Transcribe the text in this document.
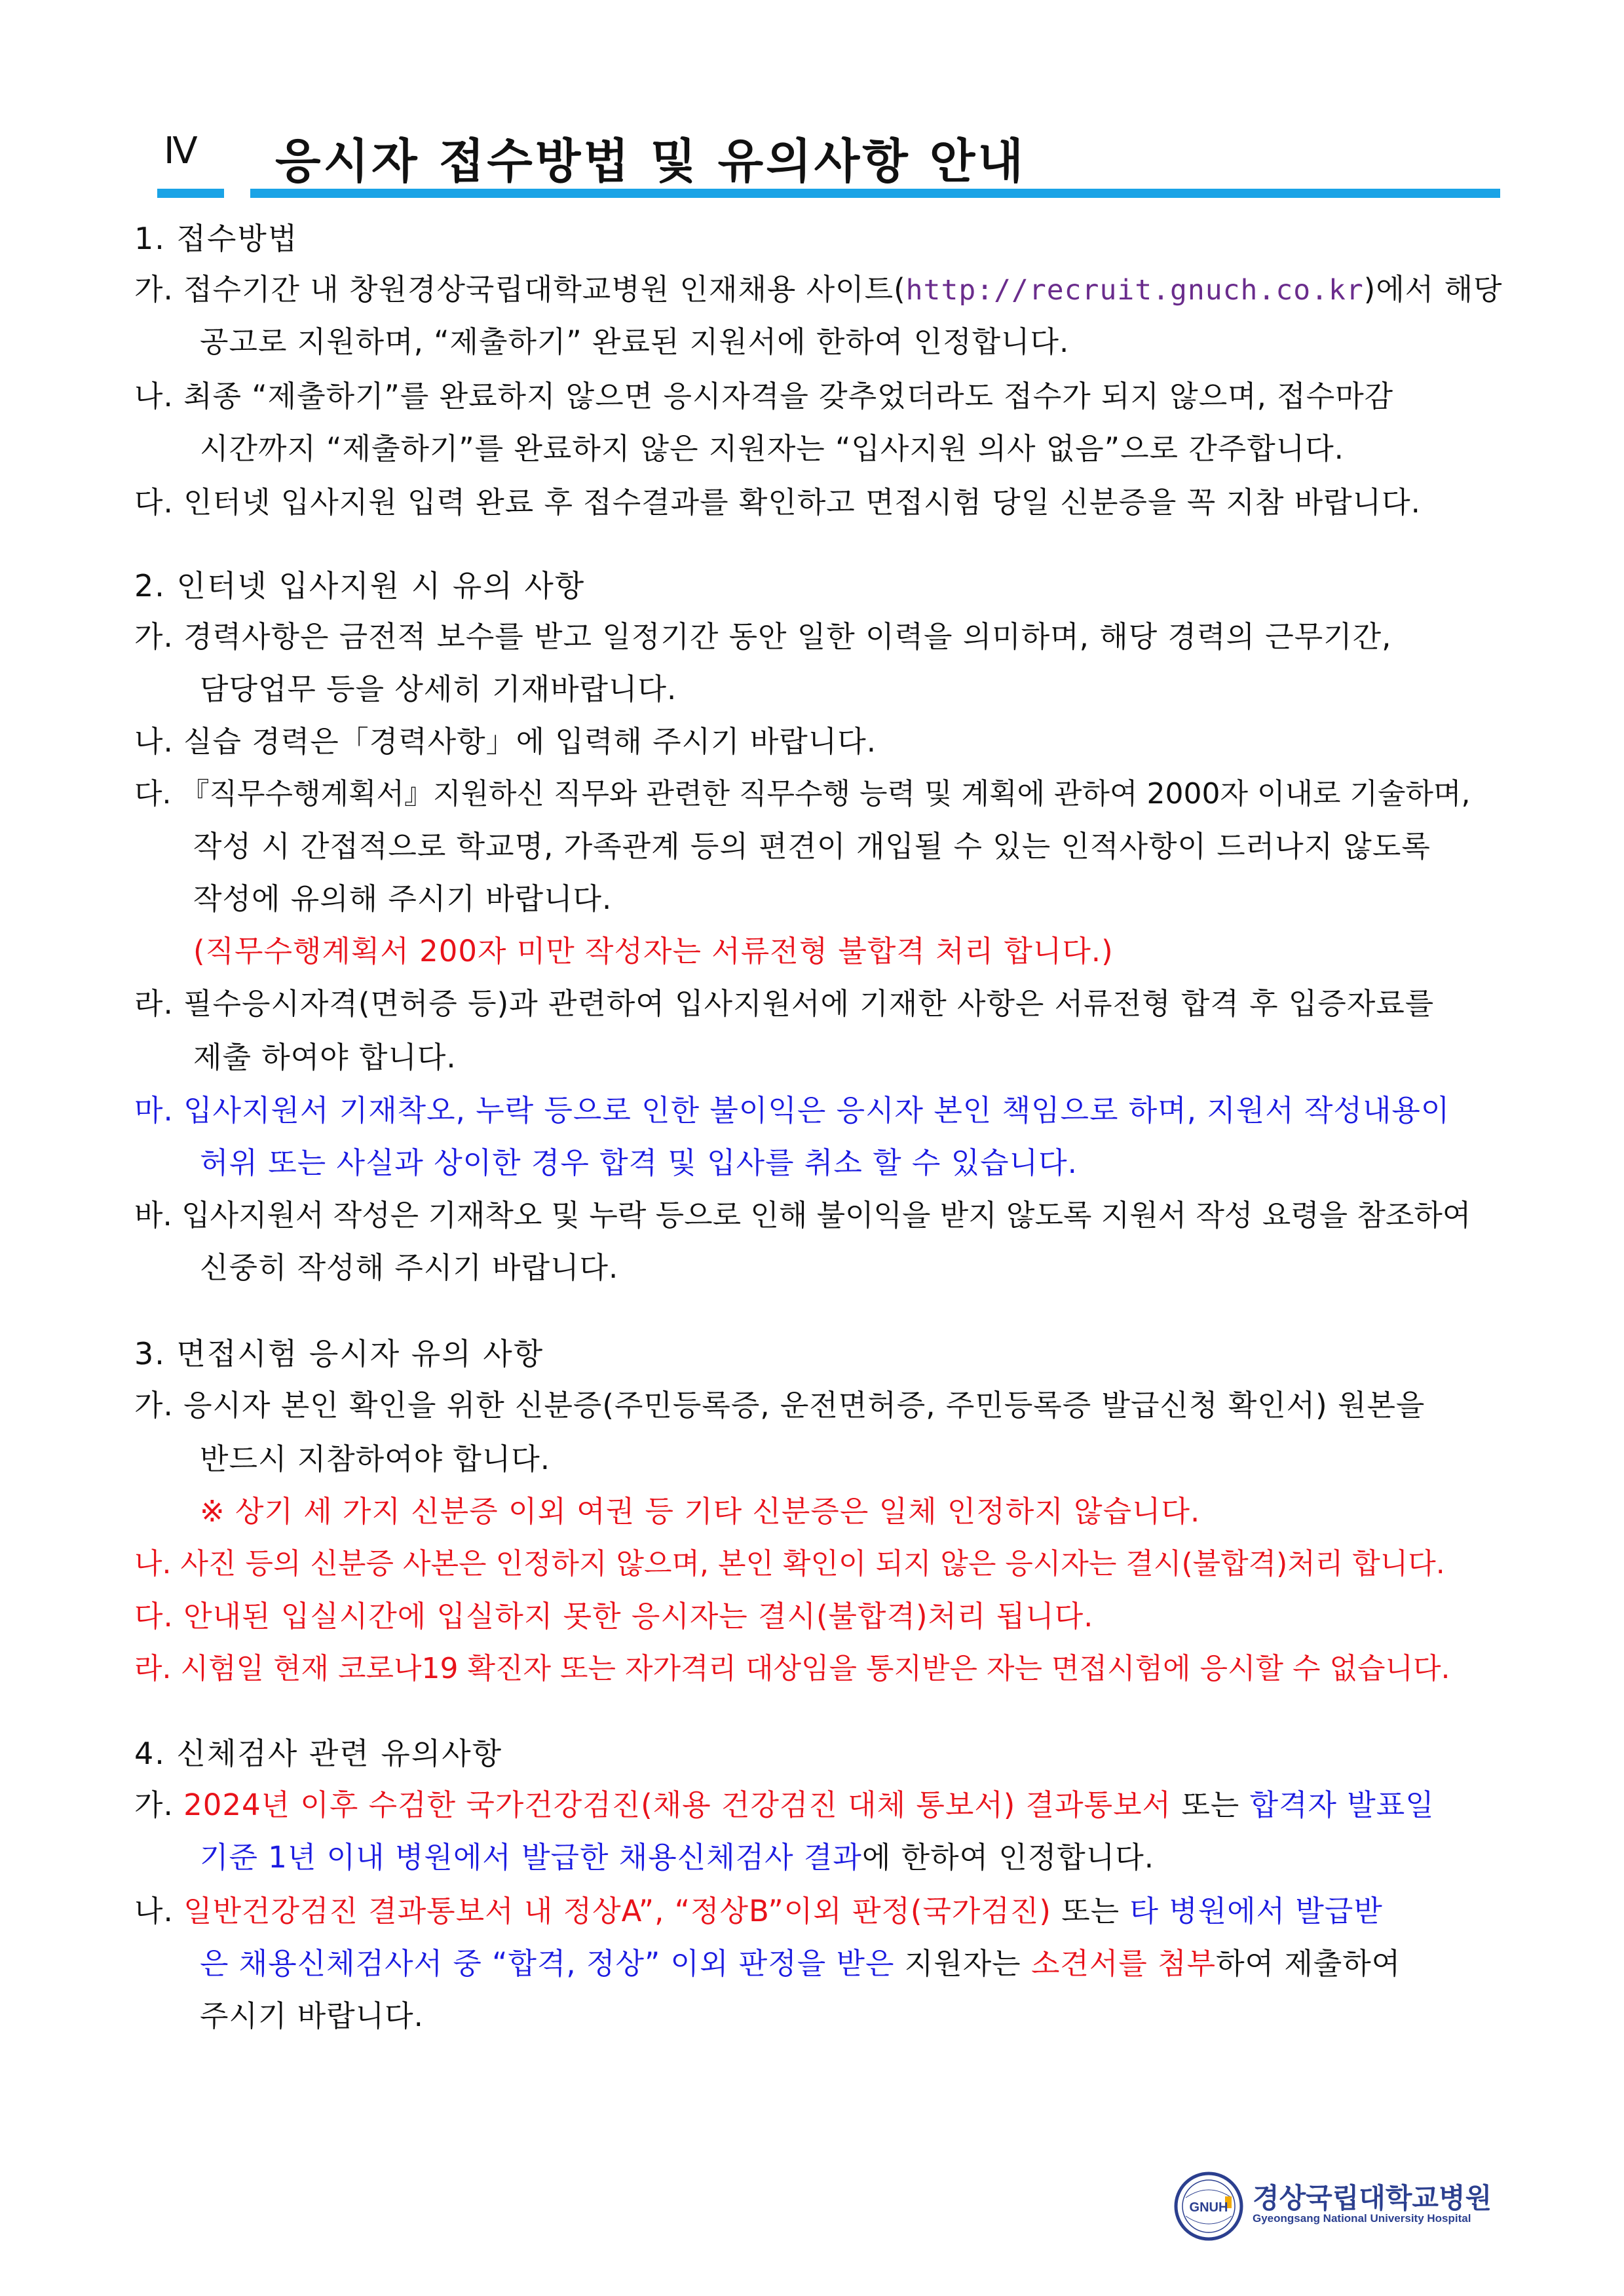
Ⅳ 응시자 접수방법 및 유의사항 안내
1. 접수방법
가. 접수기간 내 창원경상국립대학교병원 인재채용 사이트(http://recruit.gnuch.co.kr)에서 해당
공고로 지원하며, “제출하기” 완료된 지원서에 한하여 인정합니다.
나. 최종 “제출하기”를 완료하지 않으면 응시자격을 갖추었더라도 접수가 되지 않으며, 접수마감
시간까지 “제출하기”를 완료하지 않은 지원자는 “입사지원 의사 없음”으로 간주합니다.
다. 인터넷 입사지원 입력 완료 후 접수결과를 확인하고 면접시험 당일 신분증을 꼭 지참 바랍니다.
2. 인터넷 입사지원 시 유의 사항
가. 경력사항은 금전적 보수를 받고 일정기간 동안 일한 이력을 의미하며, 해당 경력의 근무기간,
담당업무 등을 상세히 기재바랍니다.
나. 실습 경력은「경력사항」에 입력해 주시기 바랍니다.
다. 『직무수행계획서』지원하신 직무와 관련한 직무수행 능력 및 계획에 관하여 2000자 이내로 기술하며,
작성 시 간접적으로 학교명, 가족관계 등의 편견이 개입될 수 있는 인적사항이 드러나지 않도록
작성에 유의해 주시기 바랍니다.
(직무수행계획서 200자 미만 작성자는 서류전형 불합격 처리 합니다.)
라. 필수응시자격(면허증 등)과 관련하여 입사지원서에 기재한 사항은 서류전형 합격 후 입증자료를
제출 하여야 합니다.
마. 입사지원서 기재착오, 누락 등으로 인한 불이익은 응시자 본인 책임으로 하며, 지원서 작성내용이
허위 또는 사실과 상이한 경우 합격 및 입사를 취소 할 수 있습니다.
바. 입사지원서 작성은 기재착오 및 누락 등으로 인해 불이익을 받지 않도록 지원서 작성 요령을 참조하여
신중히 작성해 주시기 바랍니다.
3. 면접시험 응시자 유의 사항
가. 응시자 본인 확인을 위한 신분증(주민등록증, 운전면허증, 주민등록증 발급신청 확인서) 원본을
반드시 지참하여야 합니다.
※ 상기 세 가지 신분증 이외 여권 등 기타 신분증은 일체 인정하지 않습니다.
나. 사진 등의 신분증 사본은 인정하지 않으며, 본인 확인이 되지 않은 응시자는 결시(불합격)처리 합니다.
다. 안내된 입실시간에 입실하지 못한 응시자는 결시(불합격)처리 됩니다.
라. 시험일 현재 코로나19 확진자 또는 자가격리 대상임을 통지받은 자는 면접시험에 응시할 수 없습니다.
4. 신체검사 관련 유의사항
가. 2024년 이후 수검한 국가건강검진(채용 건강검진 대체 통보서) 결과통보서 또는 합격자 발표일
기준 1년 이내 병원에서 발급한 채용신체검사 결과에 한하여 인정합니다.
나. 일반건강검진 결과통보서 내 정상A”, “정상B”이외 판정(국가검진) 또는 타 병원에서 발급받
은 채용신체검사서 중 “합격, 정상” 이외 판정을 받은 지원자는 소견서를 첨부하여 제출하여
주시기 바랍니다.
GNUH 경상국립대학교병원
Gyeongsang National University Hospital
